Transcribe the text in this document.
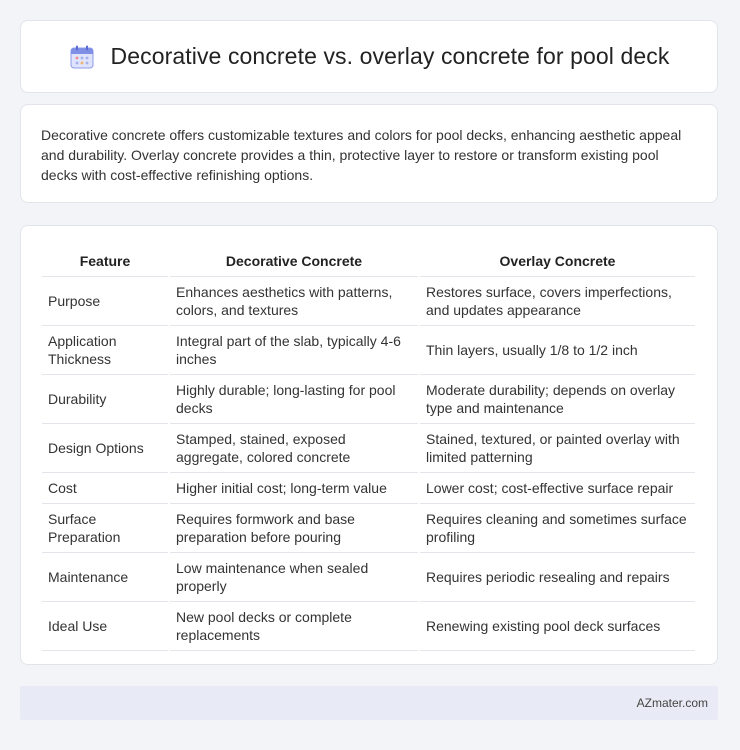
Decorative concrete vs. overlay concrete for pool deck

Decorative concrete offers customizable textures and colors for pool decks, enhancing aesthetic appeal and durability. Overlay concrete provides a thin, protective layer to restore or transform existing pool decks with cost-effective refinishing options.

Feature	Decorative Concrete	Overlay Concrete
Purpose	Enhances aesthetics with patterns, colors, and textures	Restores surface, covers imperfections, and updates appearance
Application Thickness	Integral part of the slab, typically 4-6 inches	Thin layers, usually 1/8 to 1/2 inch
Durability	Highly durable; long-lasting for pool decks	Moderate durability; depends on overlay type and maintenance
Design Options	Stamped, stained, exposed aggregate, colored concrete	Stained, textured, or painted overlay with limited patterning
Cost	Higher initial cost; long-term value	Lower cost; cost-effective surface repair
Surface Preparation	Requires formwork and base preparation before pouring	Requires cleaning and sometimes surface profiling
Maintenance	Low maintenance when sealed properly	Requires periodic resealing and repairs
Ideal Use	New pool decks or complete replacements	Renewing existing pool deck surfaces
AZmater.com
